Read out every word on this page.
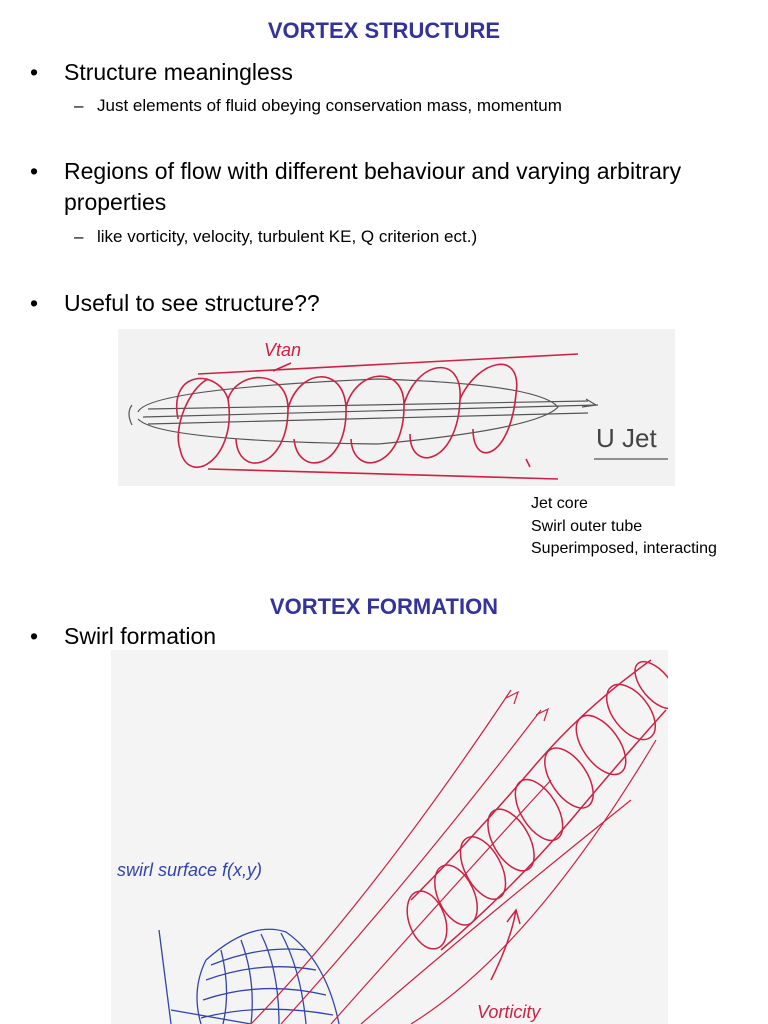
VORTEX STRUCTURE
• Structure meaningless
– Just elements of fluid obeying conservation mass, momentum
• Regions of flow with different behaviour and varying arbitrary properties
– like vorticity, velocity, turbulent KE, Q criterion ect.)
• Useful to see structure??
Vtan
U Jet
Jet core
Swirl outer tube
Superimposed, interacting
VORTEX FORMATION
• Swirl formation
swirl surface f(x,y)
Vorticity
